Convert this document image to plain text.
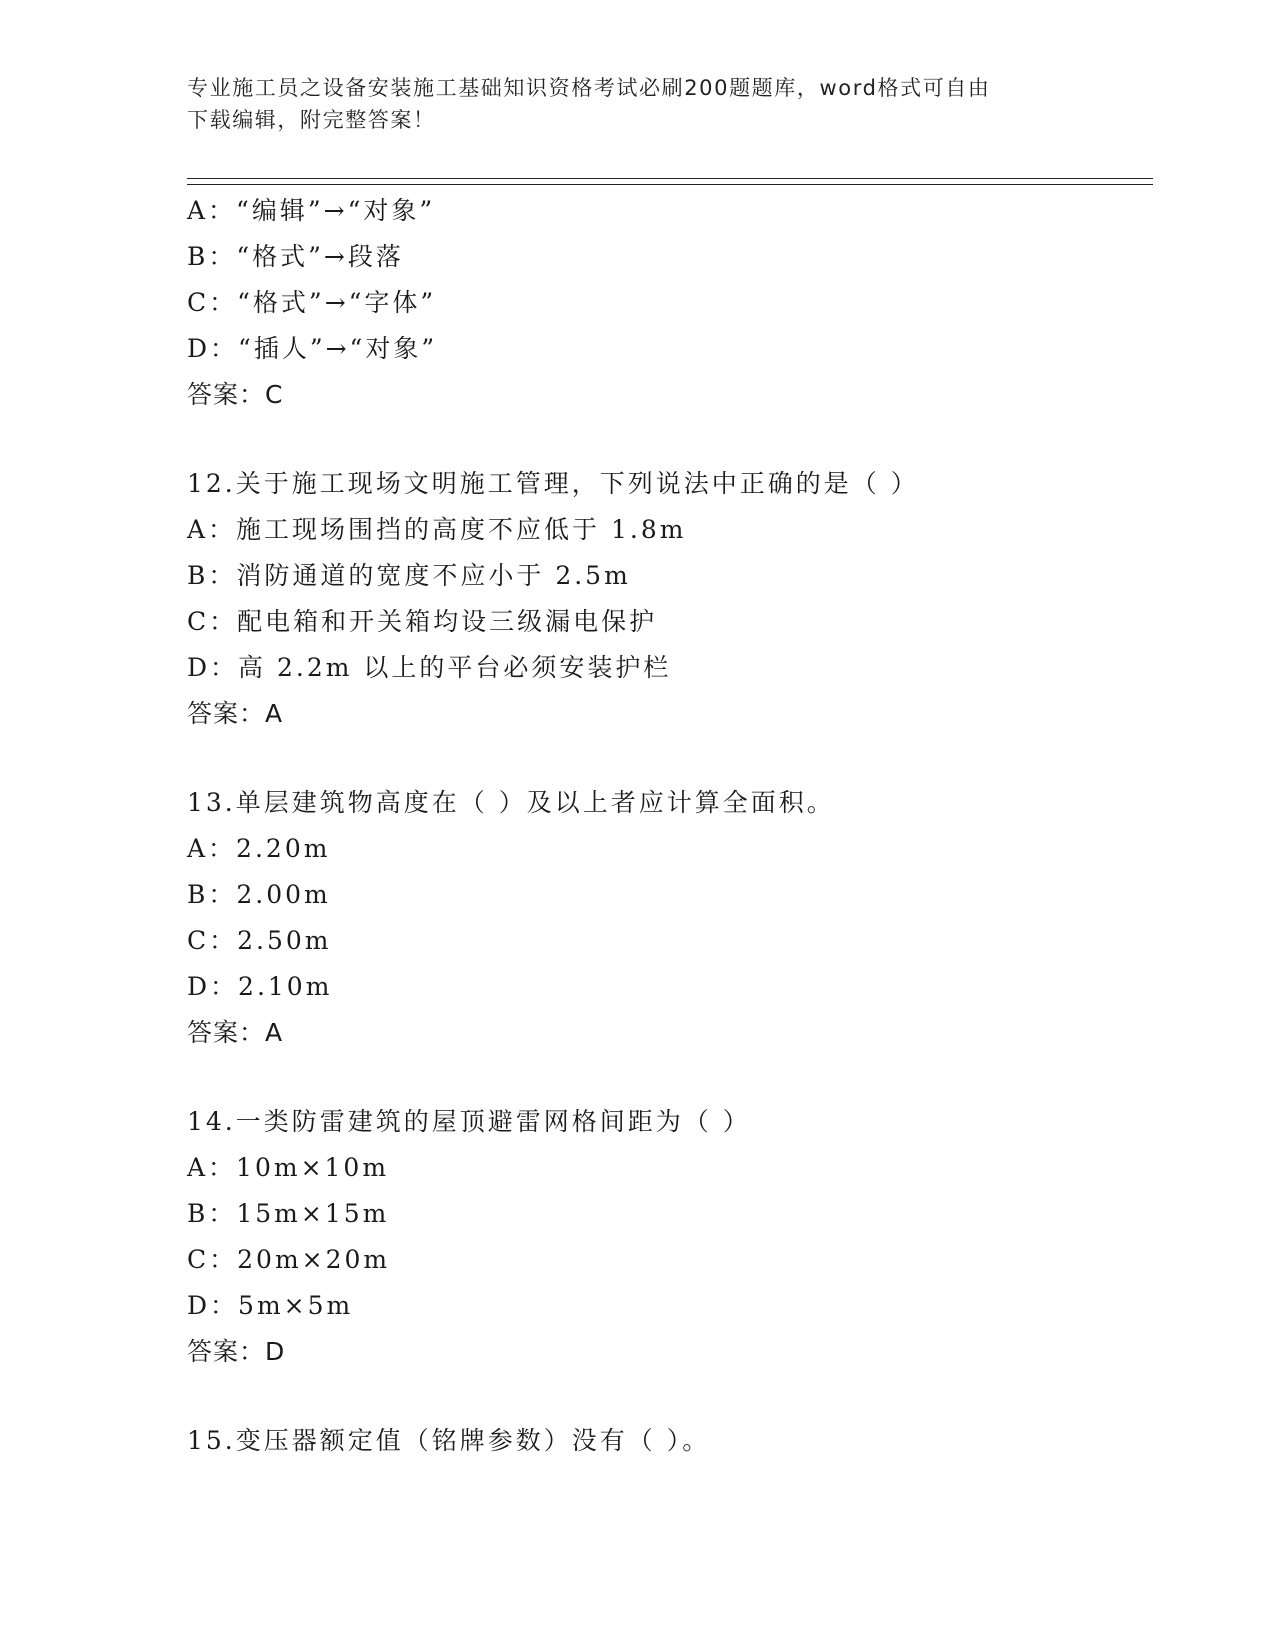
专业施工员之设备安装施工基础知识资格考试必刷200题题库，word格式可自由
下载编辑，附完整答案！
A：“编辑”→“对象”
B：“格式”→段落
C：“格式”→“字体”
D：“插人”→“对象”
答案：C
12.关于施工现场文明施工管理，下列说法中正确的是（ ）
A：施工现场围挡的高度不应低于 1.8m
B：消防通道的宽度不应小于 2.5m
C：配电箱和开关箱均设三级漏电保护
D：高 2.2m 以上的平台必须安装护栏
答案：A
13.单层建筑物高度在（ ）及以上者应计算全面积。
A：2.20m
B：2.00m
C：2.50m
D：2.10m
答案：A
14.一类防雷建筑的屋顶避雷网格间距为（ ）
A：10m×10m
B：15m×15m
C：20m×20m
D：5m×5m
答案：D
15.变压器额定值（铭牌参数）没有（ ）。
